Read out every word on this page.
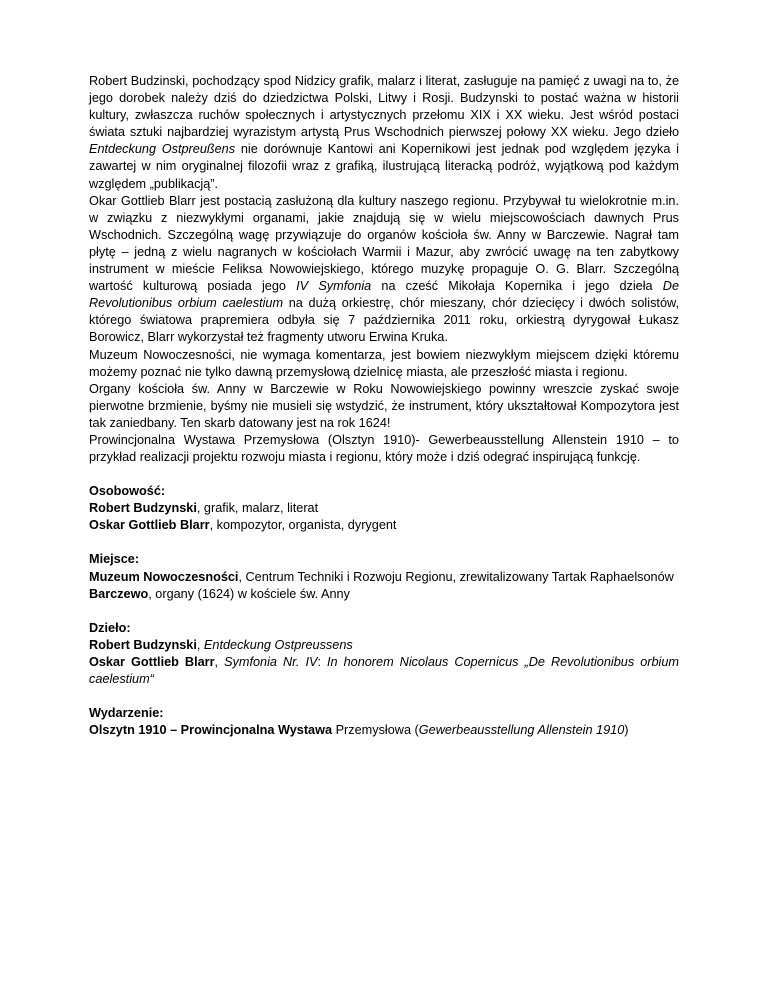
Robert Budzinski, pochodzący spod Nidzicy grafik, malarz i literat, zasługuje na pamięć z uwagi na to, że jego dorobek należy dziś do dziedzictwa Polski, Litwy i Rosji. Budzynski to postać ważna w historii kultury, zwłaszcza ruchów społecznych i artystycznych przełomu XIX i XX wieku. Jest wśród postaci świata sztuki najbardziej wyrazistym artystą Prus Wschodnich pierwszej połowy XX wieku. Jego dzieło Entdeckung Ostpreußens nie dorównuje Kantowi ani Kopernikowi jest jednak pod względem języka i zawartej w nim oryginalnej filozofii wraz z grafiką, ilustrującą literacką podróż, wyjątkową pod każdym względem „publikacją”.

Okar Gottlieb Blarr jest postacią zasłużoną dla kultury naszego regionu. Przybywał tu wielokrotnie m.in. w związku z niezwykłymi organami, jakie znajdują się w wielu miejscowościach dawnych Prus Wschodnich. Szczególną wagę przywiązuje do organów kościoła św. Anny w Barczewie. Nagrał tam płytę – jedną z wielu nagranych w kościołach Warmii i Mazur, aby zwrócić uwagę na ten zabytkowy instrument w mieście Feliksa Nowowiejskiego, którego muzykę propaguje O. G. Blarr. Szczególną wartość kulturową posiada jego IV Symfonia na cześć Mikołaja Kopernika i jego dzieła De Revolutionibus orbium caelestium na dużą orkiestrę, chór mieszany, chór dziecięcy i dwóch solistów, którego światowa prapremiera odbyła się 7 października 2011 roku, orkiestrą dyrygował Łukasz Borowicz, Blarr wykorzystał też fragmenty utworu Erwina Kruka.

Muzeum Nowoczesności, nie wymaga komentarza, jest bowiem niezwykłym miejscem dzięki któremu możemy poznać nie tylko dawną przemysłową dzielnicę miasta, ale przeszłość miasta i regionu.

Organy kościoła św. Anny w Barczewie w Roku Nowowiejskiego powinny wreszcie zyskać swoje pierwotne brzmienie, byśmy nie musieli się wstydzić, że instrument, który ukształtował Kompozytora jest tak zaniedbany. Ten skarb datowany jest na rok 1624!

Prowincjonalna Wystawa Przemysłowa (Olsztyn 1910)- Gewerbeausstellung Allenstein 1910 – to przykład realizacji projektu rozwoju miasta i regionu, który może i dziś odegrać inspirującą funkcję.

Osobowość:

Robert Budzynski, grafik, malarz, literat

Oskar Gottlieb Blarr, kompozytor, organista, dyrygent

Miejsce:

Muzeum Nowoczesności, Centrum Techniki i Rozwoju Regionu, zrewitalizowany Tartak Raphaelsonów

Barczewo, organy (1624) w kościele św. Anny

Dzieło:

Robert Budzynski, Entdeckung Ostpreussens

Oskar Gottlieb Blarr, Symfonia Nr. IV: In honorem Nicolaus Copernicus „De Revolutionibus orbium caelestium“

Wydarzenie:

Olszytn 1910 – Prowincjonalna Wystawa Przemysłowa (Gewerbeausstellung Allenstein 1910)
